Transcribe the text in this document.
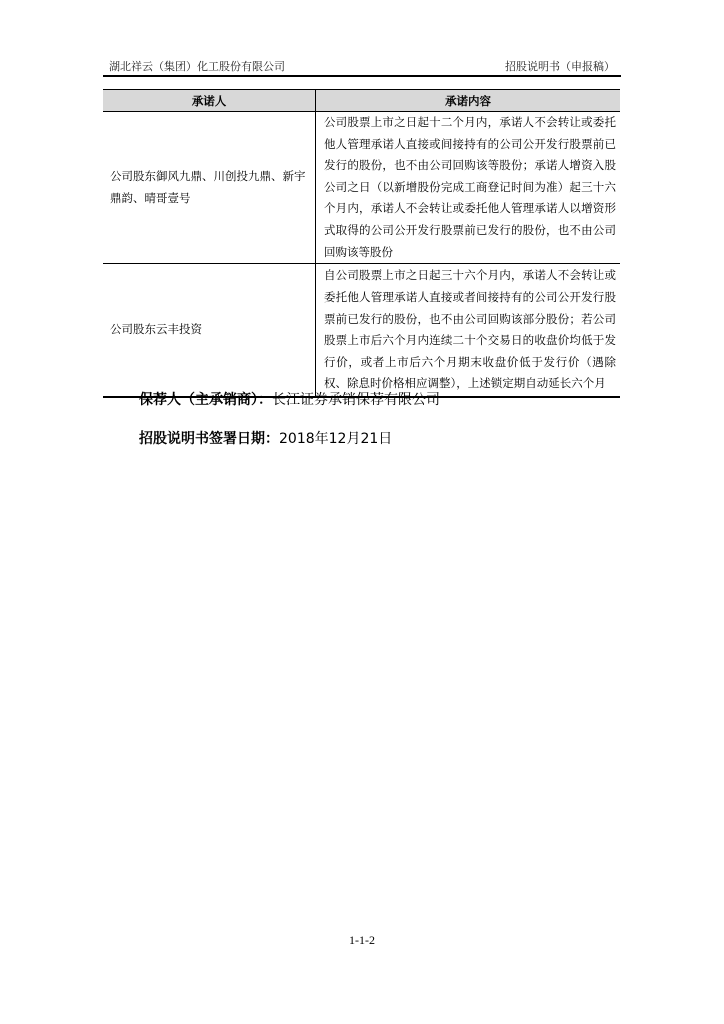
湖北祥云（集团）化工股份有限公司	招股说明书（申报稿）
承诺人	承诺内容
公司股东御风九鼎、川创投九鼎、新宇鼎韵、晴哥壹号	公司股票上市之日起十二个月内，承诺人不会转让或委托他人管理承诺人直接或间接持有的公司公开发行股票前已发行的股份，也不由公司回购该等股份；承诺人增资入股公司之日（以新增股份完成工商登记时间为准）起三十六个月内，承诺人不会转让或委托他人管理承诺人以增资形式取得的公司公开发行股票前已发行的股份，也不由公司回购该等股份
公司股东云丰投资	自公司股票上市之日起三十六个月内，承诺人不会转让或委托他人管理承诺人直接或者间接持有的公司公开发行股票前已发行的股份，也不由公司回购该部分股份；若公司股票上市后六个月内连续二十个交易日的收盘价均低于发行价，或者上市后六个月期末收盘价低于发行价（遇除权、除息时价格相应调整），上述锁定期自动延长六个月
保荐人（主承销商）：长江证券承销保荐有限公司
招股说明书签署日期：2018年12月21日
1-1-2
